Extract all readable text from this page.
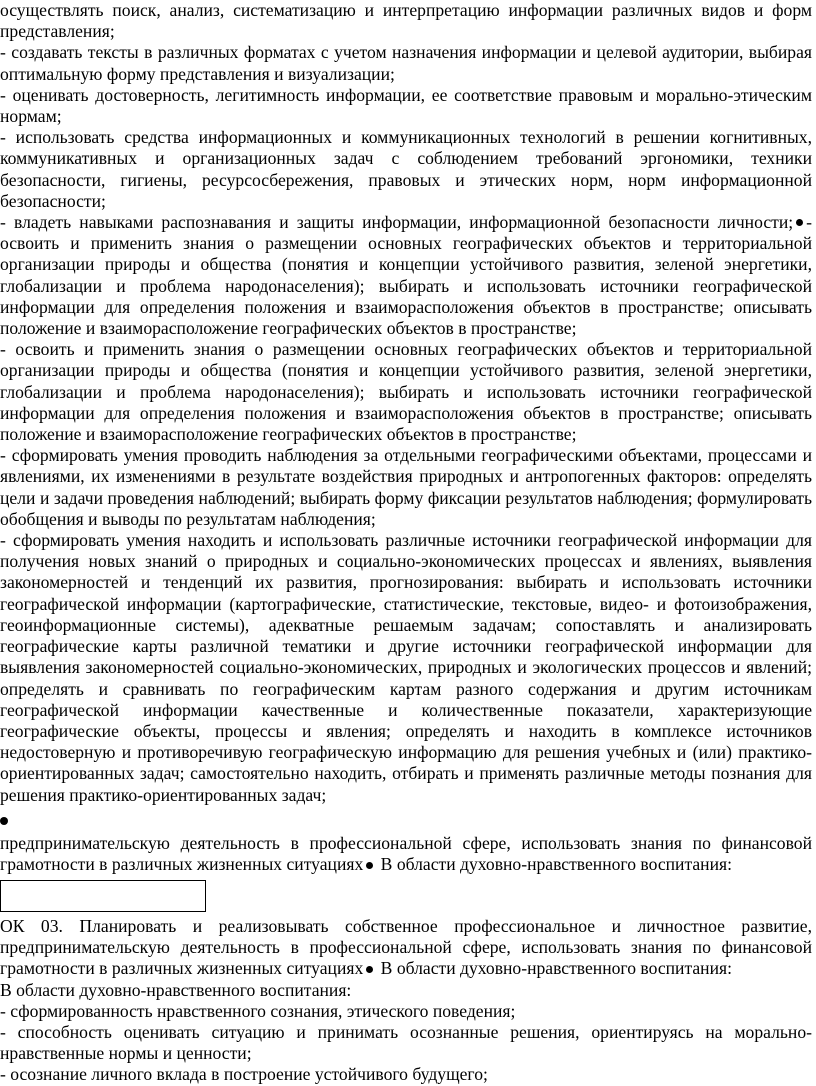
осуществлять поиск, анализ, систематизацию и интерпретацию информации различных видов и форм представления;

- создавать тексты в различных форматах с учетом назначения информации и целевой аудитории, выбирая оптимальную форму представления и визуализации;

- оценивать достоверность, легитимность информации, ее соответствие правовым и морально-этическим нормам;

- использовать средства информационных и коммуникационных технологий в решении когнитивных, коммуникативных и организационных задач с соблюдением требований эргономики, техники безопасности, гигиены, ресурсосбережения, правовых и этических норм, норм информационной безопасности;

- владеть навыками распознавания и защиты информации, информационной безопасности личности; - освоить и применить знания о размещении основных географических объектов и территориальной организации природы и общества (понятия и концепции устойчивого развития, зеленой энергетики, глобализации и проблема народонаселения); выбирать и использовать источники географической информации для определения положения и взаиморасположения объектов в пространстве; описывать положение и взаиморасположение географических объектов в пространстве;

- освоить и применить знания о размещении основных географических объектов и территориальной организации природы и общества (понятия и концепции устойчивого развития, зеленой энергетики, глобализации и проблема народонаселения); выбирать и использовать источники географической информации для определения положения и взаиморасположения объектов в пространстве; описывать положение и взаиморасположение географических объектов в пространстве;

- сформировать умения проводить наблюдения за отдельными географическими объектами, процессами и явлениями, их изменениями в результате воздействия природных и антропогенных факторов: определять цели и задачи проведения наблюдений; выбирать форму фиксации результатов наблюдения; формулировать обобщения и выводы по результатам наблюдения;

- сформировать умения находить и использовать различные источники географической информации для получения новых знаний о природных и социально-экономических процессах и явлениях, выявления закономерностей и тенденций их развития, прогнозирования: выбирать и использовать источники географической информации (картографические, статистические, текстовые, видео- и фотоизображения, геоинформационные системы), адекватные решаемым задачам; сопоставлять и анализировать географические карты различной тематики и другие источники географической информации для выявления закономерностей социально-экономических, природных и экологических процессов и явлений; определять и сравнивать по географическим картам разного содержания и другим источникам географической информации качественные и количественные показатели, характеризующие географические объекты, процессы и явления; определять и находить в комплексе источников недостоверную и противоречивую географическую информацию для решения учебных и (или) практико-ориентированных задач; самостоятельно находить, отбирать и применять различные методы познания для решения практико-ориентированных задач;

предпринимательскую деятельность в профессиональной сфере, использовать знания по финансовой грамотности в различных жизненных ситуациях В области духовно-нравственного воспитания:

ОК 03. Планировать и реализовывать собственное профессиональное и личностное развитие, предпринимательскую деятельность в профессиональной сфере, использовать знания по финансовой грамотности в различных жизненных ситуациях В области духовно-нравственного воспитания:

В области духовно-нравственного воспитания:

- сформированность нравственного сознания, этического поведения;

- способность оценивать ситуацию и принимать осознанные решения, ориентируясь на морально-нравственные нормы и ценности;

- осознание личного вклада в построение устойчивого будущего;
